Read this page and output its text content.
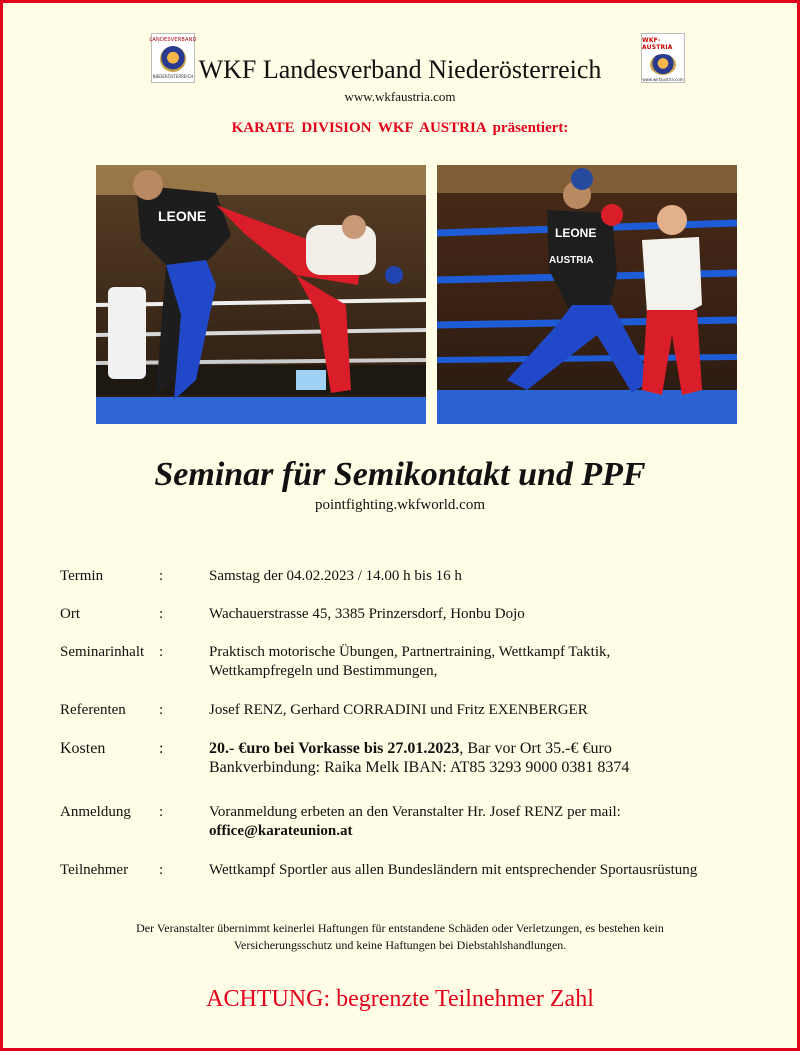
LANDESVERBAND
NIEDERÖSTERREICH
WKF-AUSTRIA
www.wkfaustria.com
WKF Landesverband Niederösterreich
www.wkfaustria.com
KARATE DIVISION WKF AUSTRIA präsentiert:
LEONE
LEONE
AUSTRIA
Seminar für Semikontakt und PPF
pointfighting.wkfworld.com
Termin	:	Samstag der 04.02.2023 / 14.00 h bis 16 h
Ort	:	Wachauerstrasse 45, 3385 Prinzersdorf, Honbu Dojo
Seminarinhalt :	Praktisch motorische Übungen, Partnertraining, Wettkampf Taktik,
Wettkampfregeln und Bestimmungen,
Referenten :	Josef RENZ, Gerhard CORRADINI und Fritz EXENBERGER
Kosten	:	20.- €uro bei Vorkasse bis 27.01.2023, Bar vor Ort 35.-€ €uro
Bankverbindung: Raika Melk IBAN: AT85 3293 9000 0381 8374
Anmeldung :	Voranmeldung erbeten an den Veranstalter Hr. Josef RENZ per mail:
office@karateunion.at
Teilnehmer :	Wettkampf Sportler aus allen Bundesländern mit entsprechender Sportausrüstung
Der Veranstalter übernimmt keinerlei Haftungen für entstandene Schäden oder Verletzungen, es bestehen kein
Versicherungsschutz und keine Haftungen bei Diebstahlshandlungen.
ACHTUNG: begrenzte Teilnehmer Zahl
